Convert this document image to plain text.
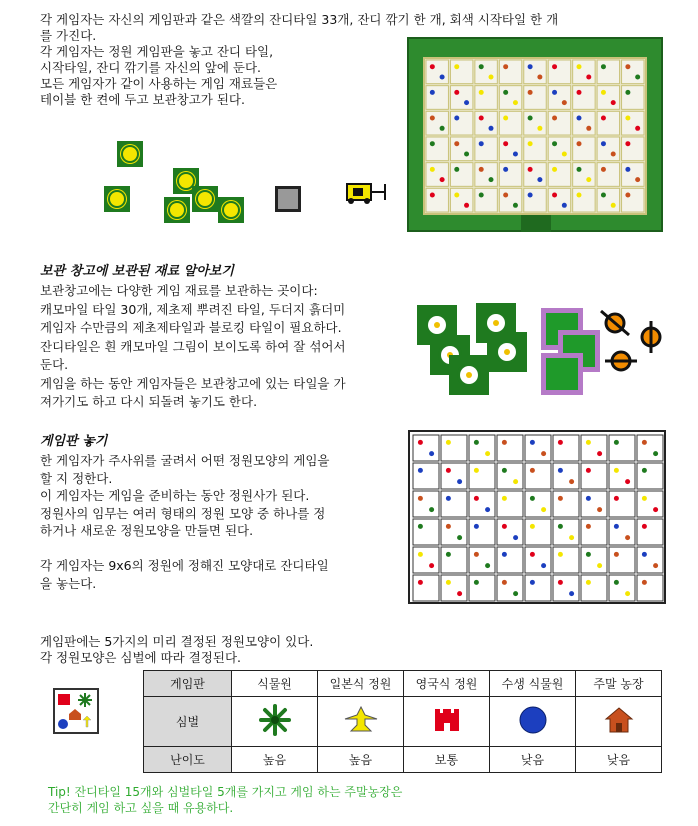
각 게임자는 자신의 게임판과 같은 색깔의 잔디타일 33개, 잔디 깎기 한 개, 회색 시작타일 한 개
를 가진다.
각 게임자는 정원 게임판을 놓고 잔디 타일,
시작타일, 잔디 깎기를 자신의 앞에 둔다.
모든 게임자가 같이 사용하는 게임 재료들은
테이블 한 켠에 두고 보관창고가 된다.
보관 창고에 보관된 재료 알아보기
보관창고에는 다양한 게임 재료를 보관하는 곳이다:
캐모마일 타일 30개, 제초제 뿌려진 타일, 두더지 흙더미
게임자 수만큼의 제초제타일과 블로킹 타일이 필요하다.
잔디타일은 흰 캐모마일 그림이 보이도록 하여 잘 섞어서
둔다.
게임을 하는 동안 게임자들은 보관창고에 있는 타일을 가
져가기도 하고 다시 되돌려 놓기도 한다.
게임판 놓기
한 게임자가 주사위를 굴려서 어떤 정원모양의 게임을
할 지 정한다.
이 게임자는 게임을 준비하는 동안 정원사가 된다.
정원사의 임무는 여러 형태의 정원 모양 중 하나를 정
하거나 새로운 정원모양을 만들면 된다.

각 게임자는 9x6의 정원에 정해진 모양대로 잔디타일
을 놓는다.
게임판에는 5가지의 미리 결정된 정원모양이 있다.
각 정원모양은 심벌에 따라 결정된다.
게임판	식물원	일본식 정원	영국식 정원	수생 식물원	주말 농장
심벌					
난이도	높음	높음	보통	낮음	낮음
Tip! 잔디타일 15개와 심벌타일 5개를 가지고 게임 하는 주말농장은
간단히 게임 하고 싶을 때 유용하다.
